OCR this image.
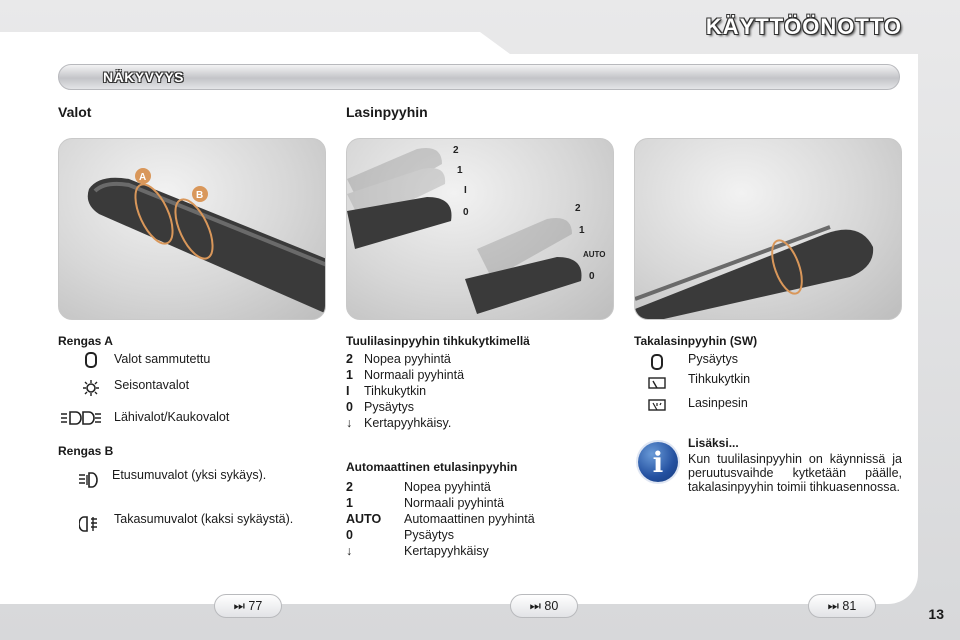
KÄYTTÖÖNOTTO
NÄKYVYYS
Valot	Lasinpyyhin
A
B
2
1
I
0	2
1
AUTO
0
Rengas A
Valot sammutettu
Seisontavalot
Lähivalot/Kaukovalot
Rengas B
Etusumuvalot (yksi sykäys).
Takasumuvalot (kaksi sykäystä).
Tuulilasinpyyhin tihkukytkimellä
2 Nopea pyyhintä
1 Normaali pyyhintä
I	Tihkukytkin
0 Pysäytys
↓ Kertapyyhkäisy.
Automaattinen etulasinpyyhin
2	Nopea pyyhintä
1	Normaali pyyhintä
AUTO	Automaattinen pyyhintä
0	Pysäytys
↓	Kertapyyhkäisy
Takalasinpyyhin (SW)
Pysäytys
Tihkukytkin
Lasinpesin
i
Lisäksi...
Kun tuulilasinpyyhin on käynnissä ja peruutusvaihde kytketään päälle, takalasinpyyhin toimii tihkuasennossa.
⏭ 77	⏭ 80	⏭ 81
13
